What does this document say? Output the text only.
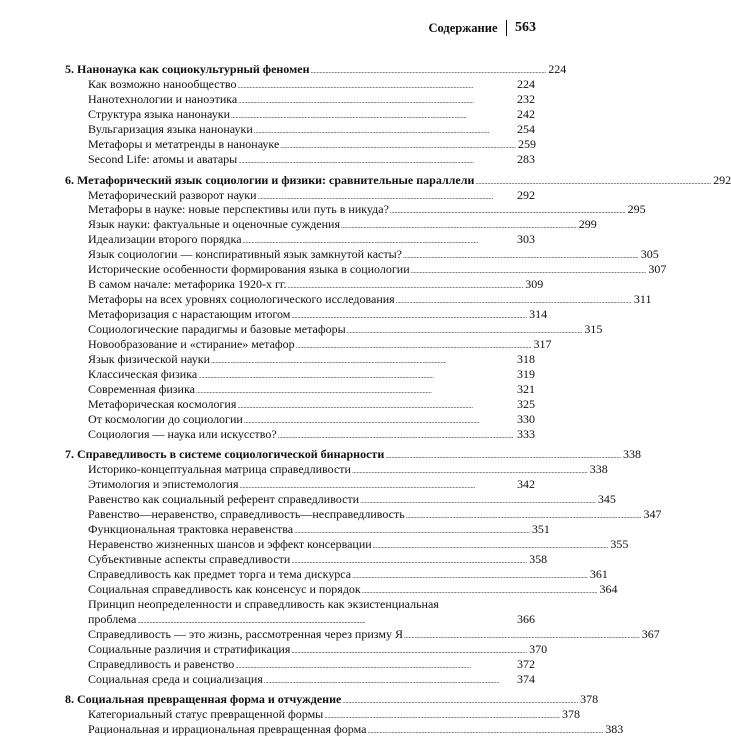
Содержание 563
5. Нанонаука как социокультурный феномен . . .	224
Как возможно нанообщество . . .	224
Нанотехнологии и наноэтика . . .	232
Структура языка нанонауки . . .	242
Вульгаризация языка нанонауки . . .	254
Метафоры и метатренды в нанонауке . . .	259
Second Life: атомы и аватары . . .	283
6. Метафорический язык социологии и физики: сравнительные параллели . . .	292
Метафорический разворот науки . . .	292
Метафоры в науке: новые перспективы или путь в никуда? . . .	295
Язык науки: фактуальные и оценочные суждения . . .	299
Идеализации второго порядка . . .	303
Язык социологии — конспиративный язык замкнутой касты? . . .	305
Исторические особенности формирования языка в социологии . . .	307
В самом начале: метафорика 1920-х гг. . . .	309
Метафоры на всех уровнях социологического исследования . . .	311
Метафоризация с нарастающим итогом . . .	314
Социологические парадигмы и базовые метафоры . . .	315
Новообразование и «стирание» метафор . . .	317
Язык физической науки . . .	318
Классическая физика . . .	319
Современная физика . . .	321
Метафорическая космология . . .	325
От космологии до социологии . . .	330
Социология — наука или искусство? . . .	333
7. Справедливость в системе социологической бинарности . . .	338
Историко-концептуальная матрица справедливости . . .	338
Этимология и эпистемология . . .	342
Равенство как социальный референт справедливости . . .	345
Равенство—неравенство, справедливость—несправедливость . . .	347
Функциональная трактовка неравенства . . .	351
Неравенство жизненных шансов и эффект консервации . . .	355
Субъективные аспекты справедливости . . .	358
Справедливость как предмет торга и тема дискурса . . .	361
Социальная справедливость как консенсус и порядок . . .	364
Принцип неопределенности и справедливость как экзистенциальная
проблема . . .	366
Справедливость — это жизнь, рассмотренная через призму Я . . .	367
Социальные различия и стратификация . . .	370
Справедливость и равенство . . .	372
Социальная среда и социализация . . .	374
8. Социальная превращенная форма и отчуждение . . .	378
Категориальный статус превращенной формы . . .	378
Рациональная и иррациональная превращенная форма . . .	383
